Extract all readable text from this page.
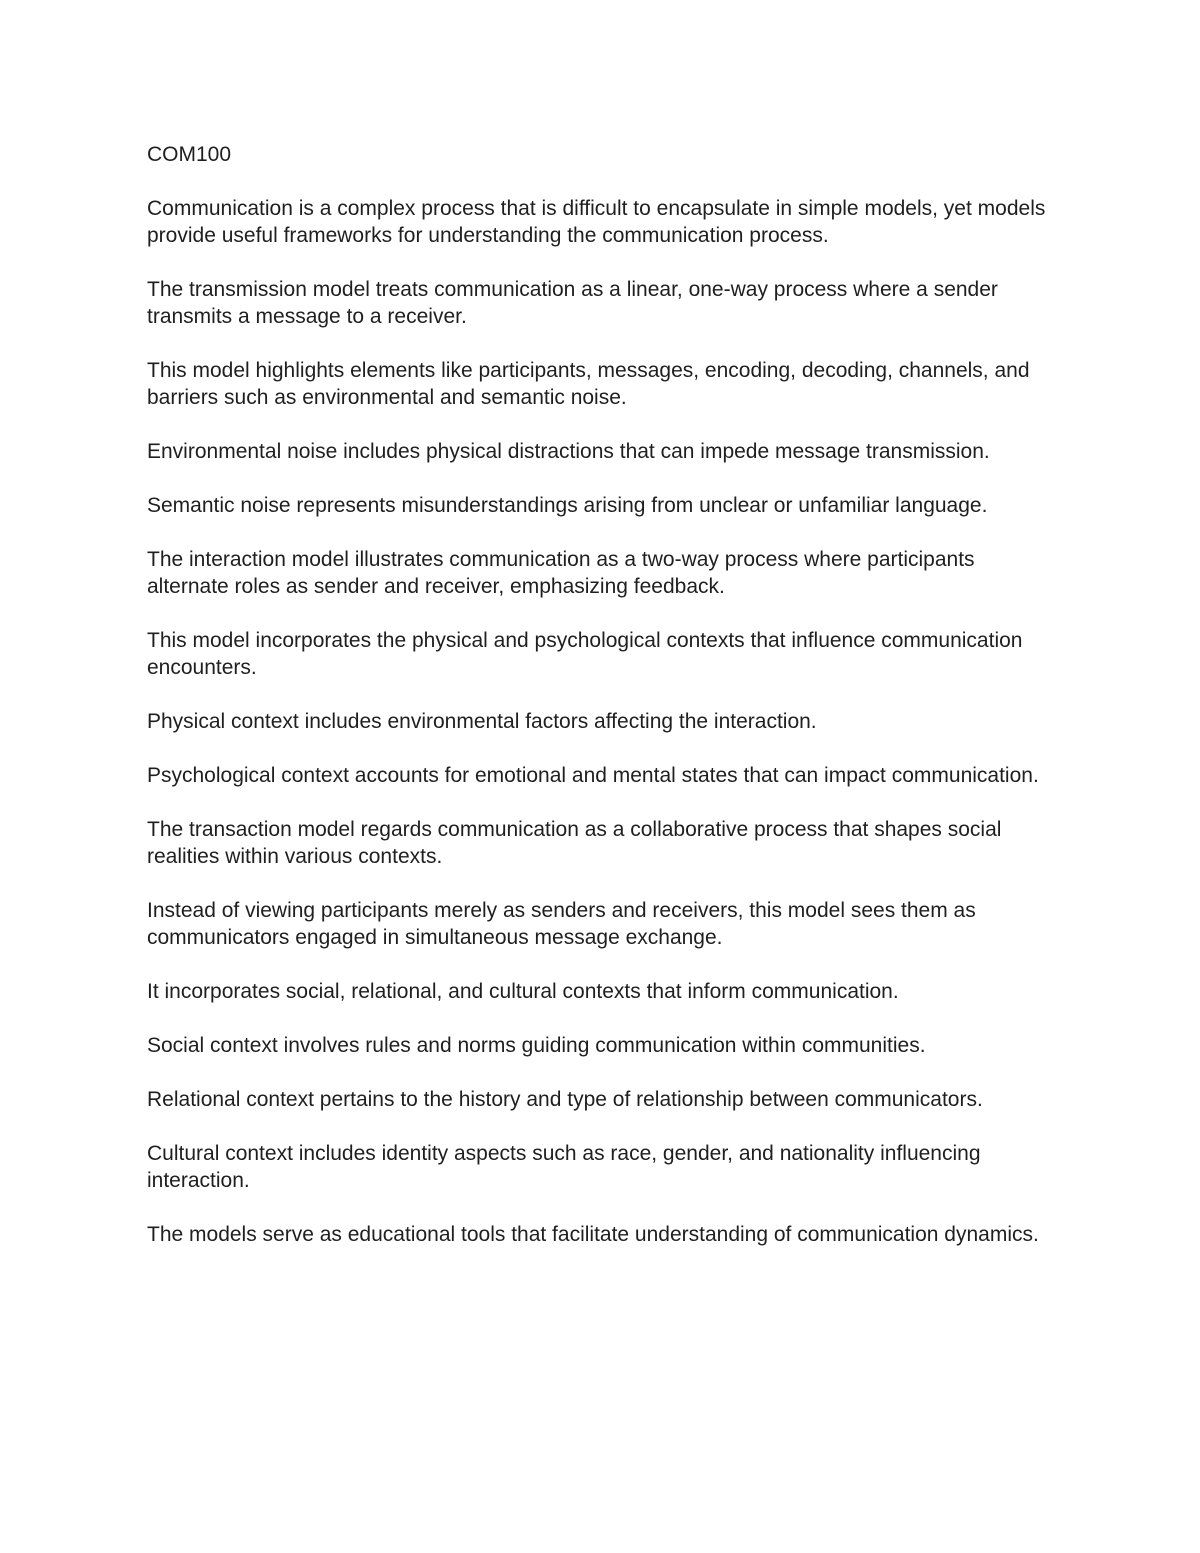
COM100

Communication is a complex process that is difficult to encapsulate in simple models, yet models provide useful frameworks for understanding the communication process.

The transmission model treats communication as a linear, one-way process where a sender transmits a message to a receiver.

This model highlights elements like participants, messages, encoding, decoding, channels, and barriers such as environmental and semantic noise.

Environmental noise includes physical distractions that can impede message transmission.

Semantic noise represents misunderstandings arising from unclear or unfamiliar language.

The interaction model illustrates communication as a two-way process where participants alternate roles as sender and receiver, emphasizing feedback.

This model incorporates the physical and psychological contexts that influence communication encounters.

Physical context includes environmental factors affecting the interaction.

Psychological context accounts for emotional and mental states that can impact communication.

The transaction model regards communication as a collaborative process that shapes social realities within various contexts.

Instead of viewing participants merely as senders and receivers, this model sees them as communicators engaged in simultaneous message exchange.

It incorporates social, relational, and cultural contexts that inform communication.

Social context involves rules and norms guiding communication within communities.

Relational context pertains to the history and type of relationship between communicators.

Cultural context includes identity aspects such as race, gender, and nationality influencing interaction.

The models serve as educational tools that facilitate understanding of communication dynamics.
